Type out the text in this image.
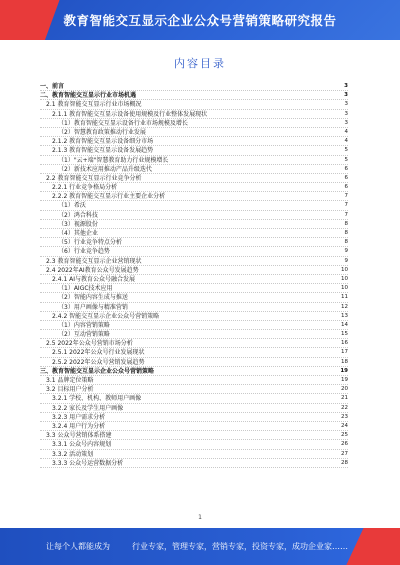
教育智能交互显示企业公众号营销策略研究报告
内容目录
一、前言	3
二、教育智能交互显示行业市场机遇	3
2.1 教育智能交互显示行业市场概况	3
2.1.1 教育智能交互显示设备使用规模及行业整体发展现状	3
（1）教育智能交互显示设备行业市场规模及增长	3
（2）智慧教育政策推动行业发展	4
2.1.2 教育智能交互显示设备细分市场	4
2.1.3 教育智能交互显示设备发展趋势	5
（1）"云+端"智慧教育助力行业规模增长	5
（2）新技术应用推动产品升级迭代	6
2.2 教育智能交互显示行业竞争分析	6
2.2.1 行业竞争格局分析	6
2.2.2 教育智能交互显示行业主要企业分析	7
（1）希沃	7
（2）鸿合科技	7
（3）视源股份	8
（4）其他企业	8
（5）行业竞争特点分析	8
（6）行业竞争趋势	9
2.3 教育智能交互显示企业营销现状	9
2.4 2022年AI教育公众号发展趋势	10
2.4.1 AI与教育公众号融合发展	10
（1）AIGC技术应用	10
（2）智能内容生成与推送	11
（3）用户画像与精准营销	12
2.4.2 智能交互显示企业公众号营销策略	13
（1）内容营销策略	14
（2）互动营销策略	15
2.5 2022年公众号营销市场分析	16
2.5.1 2022年公众号行业发展现状	17
2.5.2 2022年公众号营销发展趋势	18
三、教育智能交互显示企业公众号营销策略	19
3.1 品牌定位策略	19
3.2 目标用户分析	20
3.2.1 学校、机构、教师用户画像	21
3.2.2 家长及学生用户画像	22
3.2.3 用户需求分析	23
3.2.4 用户行为分析	24
3.3 公众号营销体系搭建	25
3.3.1 公众号内容规划	26
3.3.2 活动策划	27
3.3.3 公众号运营数据分析	28
1
让每个人都能成为	行业专家，管理专家，营销专家，投资专家，成功企业家……
